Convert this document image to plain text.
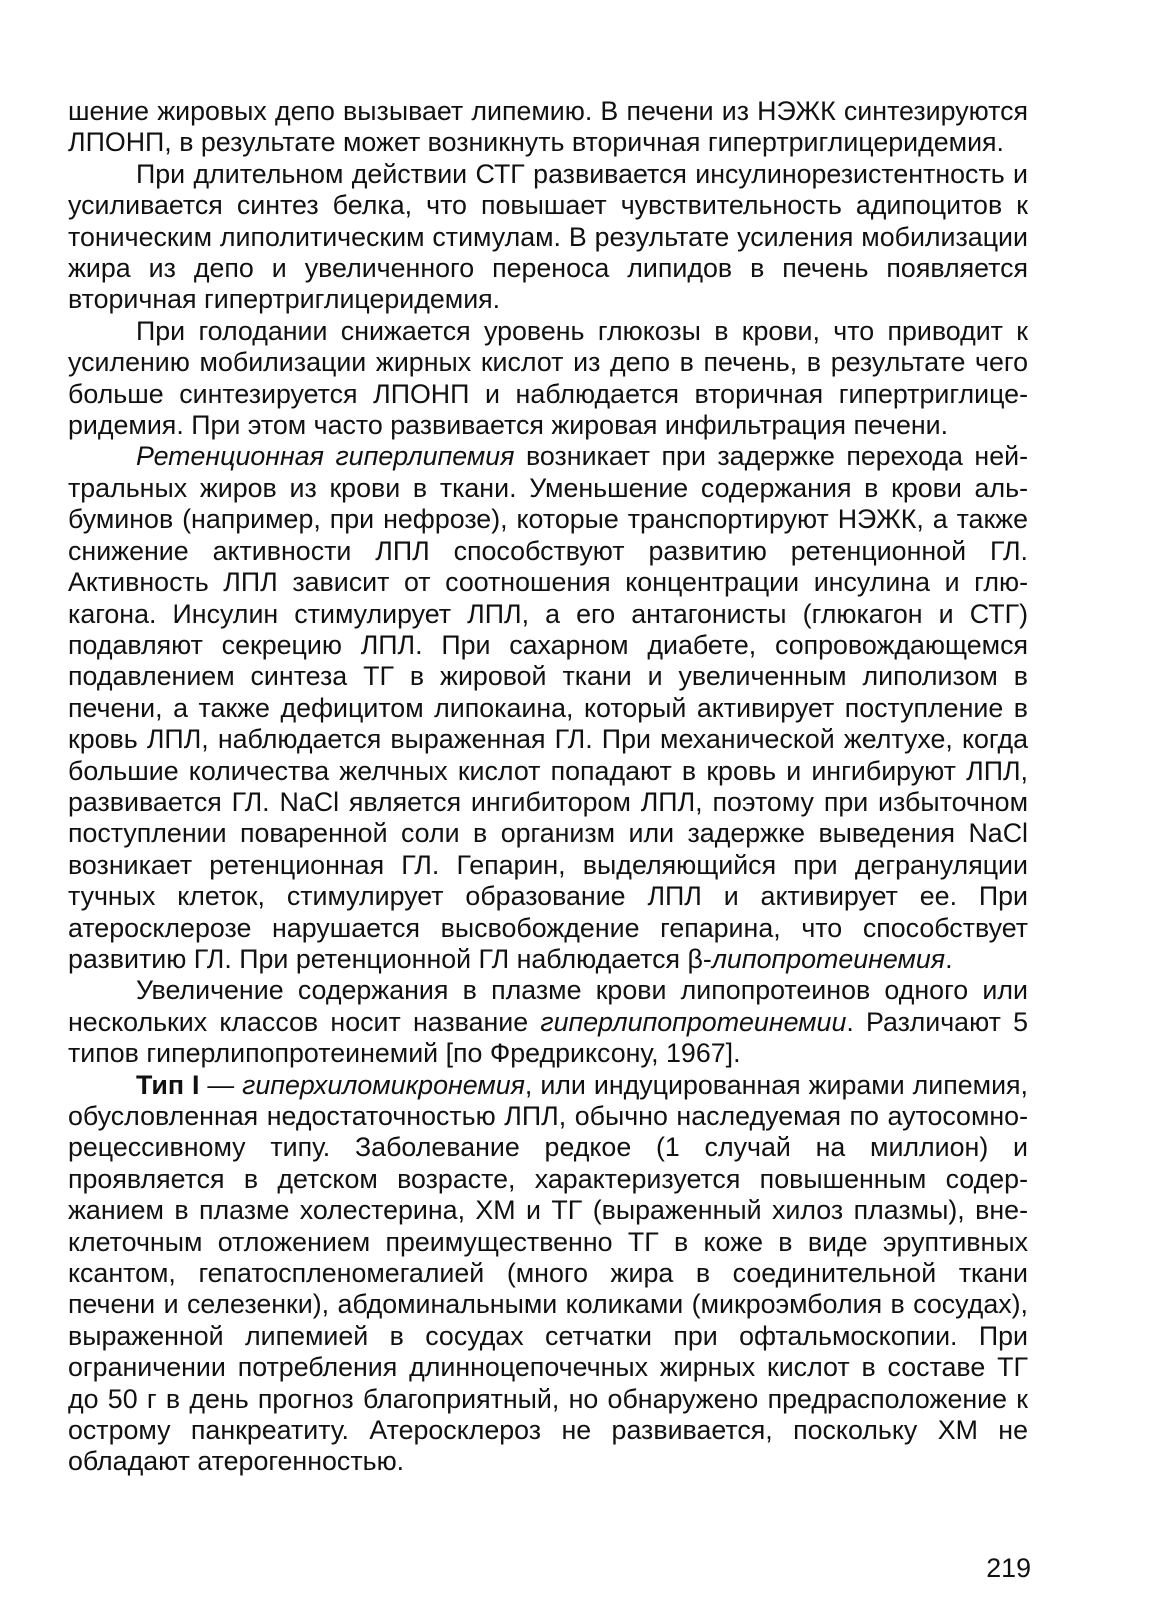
шение жировых депо вызывает липемию. В печени из НЭЖК синтезируются ЛПОНП, в результате может возникнуть вторичная гипертриглицеридемия.

При длительном действии СТГ развивается инсулинорезистентность и усиливается синтез белка, что повышает чувствительность адипоцитов к тоническим липолитическим стимулам. В результате усиления мобилизации жира из депо и увеличенного переноса липидов в печень появляется вторичная гипертриглицеридемия.

При голодании снижается уровень глюкозы в крови, что приводит к усилению мобилизации жирных кислот из депо в печень, в результате чего больше синтезируется ЛПОНП и наблюдается вторичная гипертриглицеридемия. При этом часто развивается жировая инфильтрация печени.

Ретенционная гиперлипемия возникает при задержке перехода нейтральных жиров из крови в ткани. Уменьшение содержания в крови альбуминов (например, при нефрозе), которые транспортируют НЭЖК, а также снижение активности ЛПЛ способствуют развитию ретенционной ГЛ. Активность ЛПЛ зависит от соотношения концентрации инсулина и глюкагона. Инсулин стимулирует ЛПЛ, а его антагонисты (глюкагон и СТГ) подавляют секрецию ЛПЛ. При сахарном диабете, сопровождающемся подавлением синтеза ТГ в жировой ткани и увеличенным липолизом в печени, а также дефицитом липокаина, который активирует поступление в кровь ЛПЛ, наблюдается выраженная ГЛ. При механической желтухе, когда большие количества желчных кислот попадают в кровь и ингибируют ЛПЛ, развивается ГЛ. NaCl является ингибитором ЛПЛ, поэтому при избыточном поступлении поваренной соли в организм или задержке выведения NaCl возникает ретенционная ГЛ. Гепарин, выделяющийся при дегрануляции тучных клеток, стимулирует образование ЛПЛ и активирует ее. При атеросклерозе нарушается высвобождение гепарина, что способствует развитию ГЛ. При ретенционной ГЛ наблюдается β-липопротеинемия.

Увеличение содержания в плазме крови липопротеинов одного или нескольких классов носит название гиперлипопротеинемии. Различают 5 типов гиперлипопротеинемий [по Фредриксону, 1967].

Тип I — гиперхиломикронемия, или индуцированная жирами липемия, обусловленная недостаточностью ЛПЛ, обычно наследуемая по аутосомно-рецессивному типу. Заболевание редкое (1 случай на миллион) и проявляется в детском возрасте, характеризуется повышенным содержанием в плазме холестерина, ХМ и ТГ (выраженный хилоз плазмы), внеклеточным отложением преимущественно ТГ в коже в виде эруптивных ксантом, гепатоспленомегалией (много жира в соединительной ткани печени и селезенки), абдоминальными коликами (микроэмболия в сосудах), выраженной липемией в сосудах сетчатки при офтальмоскопии. При ограничении потребления длинноцепочечных жирных кислот в составе ТГ до 50 г в день прогноз благоприятный, но обнаружено предрасположение к острому панкреатиту. Атеросклероз не развивается, поскольку ХМ не обладают атерогенностью.

219
